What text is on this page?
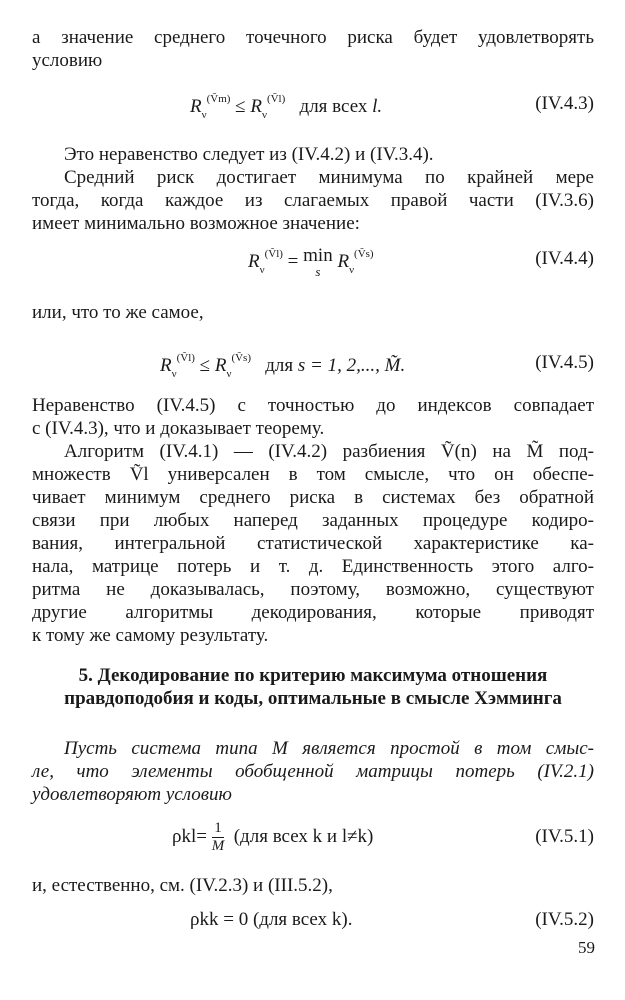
а значение среднего точечного риска будет удовлетворять
условию
$R_\nu^{(Ṽm)} \le R_\nu^{(Ṽl)}$ для всех l.	(IV.4.3)
Это неравенство следует из (IV.4.2) и (IV.3.4).
Средний риск достигает минимума по крайней мере
тогда, когда каждое из слагаемых правой части (IV.3.6)
имеет минимально возможное значение:
$R_\nu^{(Ṽl)} = \min$
s $R_\nu^{(Ṽs)}$	(IV.4.4)
или, что то же самое,
$R_\nu^{(Ṽl)} \le R_\nu^{(Ṽs)}$ для s = 1, 2,..., M̃.	(IV.4.5)
Неравенство (IV.4.5) с точностью до индексов совпадает
с (IV.4.3), что и доказывает теорему.
Алгоритм (IV.4.1) — (IV.4.2) разбиения Ṽ(n) на M̃ под-
множеств Ṽl универсален в том смысле, что он обеспе-
чивает минимум среднего риска в системах без обратной
связи при любых наперед заданных процедуре кодиро-
вания, интегральной статистической характеристике ка-
нала, матрице потерь и т. д. Единственность этого алго-
ритма не доказывалась, поэтому, возможно, существуют
другие алгоритмы декодирования, которые приводят
к тому же самому результату.
5. Декодирование по критерию максимума отношения
правдоподобия и коды, оптимальные в смысле Хэмминга
Пусть система типа М является простой в том смыс-
ле, что элементы обобщенной матрицы потерь (IV.2.1)
удовлетворяют условию
$\rho kl= \frac{1}{M} (для$ всех k и l≠k)	(IV.5.1)
и, естественно, см. (IV.2.3) и (III.5.2),
ρkk = 0 (для всех k).	(IV.5.2)
59
